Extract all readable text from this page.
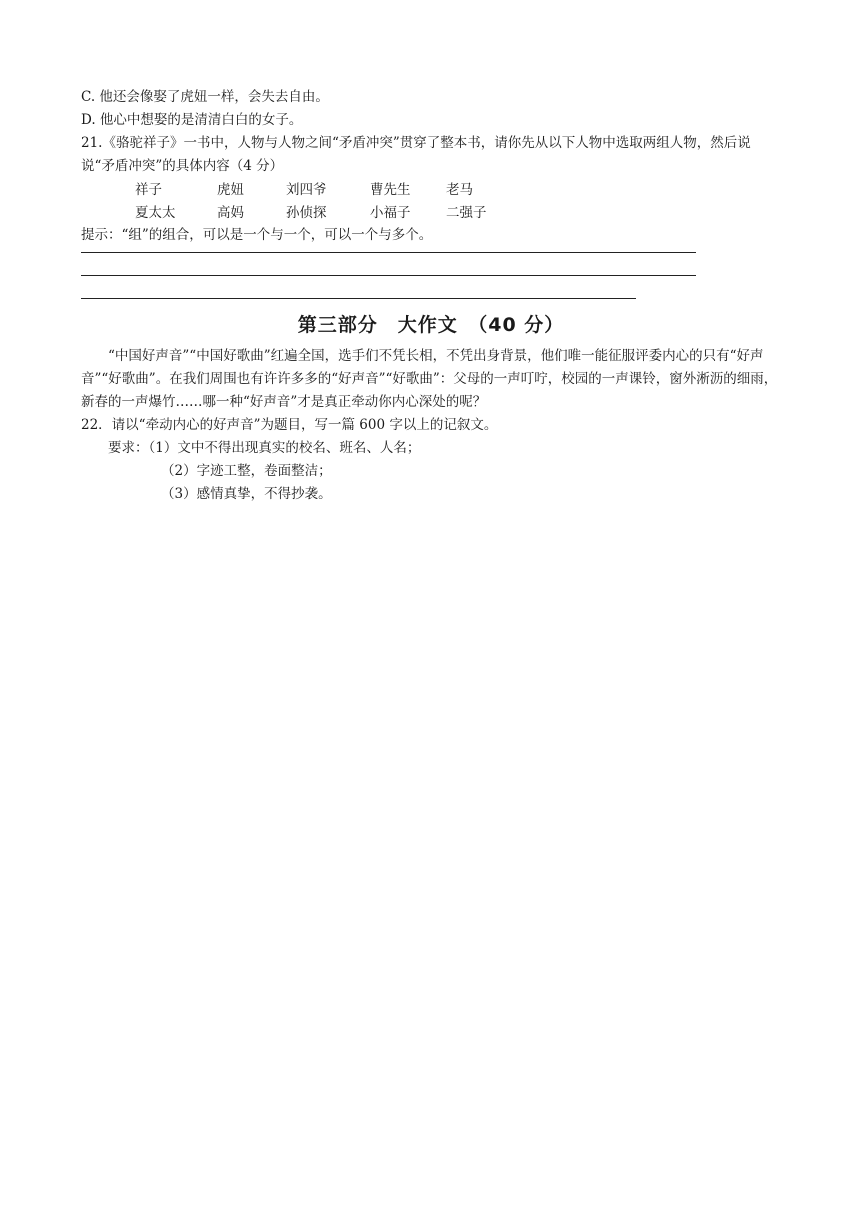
C. 他还会像娶了虎妞一样，会失去自由。
D. 他心中想娶的是清清白白的女子。
21.《骆驼祥子》一书中，人物与人物之间“矛盾冲突”贯穿了整本书，请你先从以下人物中选取两组人物，然后说说“矛盾冲突”的具体内容（4 分）
祥子	虎妞	刘四爷	曹先生	老马
夏太太	高妈	孙侦探	小福子	二强子
提示：“组”的组合，可以是一个与一个，可以一个与多个。
第三部分　大作文　（40 分）
“中国好声音”“中国好歌曲”红遍全国，选手们不凭长相，不凭出身背景，他们唯一能征服评委内心的只有“好声音”“好歌曲”。在我们周围也有许许多多的“好声音”“好歌曲”：父母的一声叮咛，校园的一声课铃，窗外淅沥的细雨，新春的一声爆竹……哪一种“好声音”才是真正牵动你内心深处的呢？
22．请以“牵动内心的好声音”为题目，写一篇 600 字以上的记叙文。
要求：（1）文中不得出现真实的校名、班名、人名；
（2）字迹工整，卷面整洁；
（3）感情真挚，不得抄袭。
